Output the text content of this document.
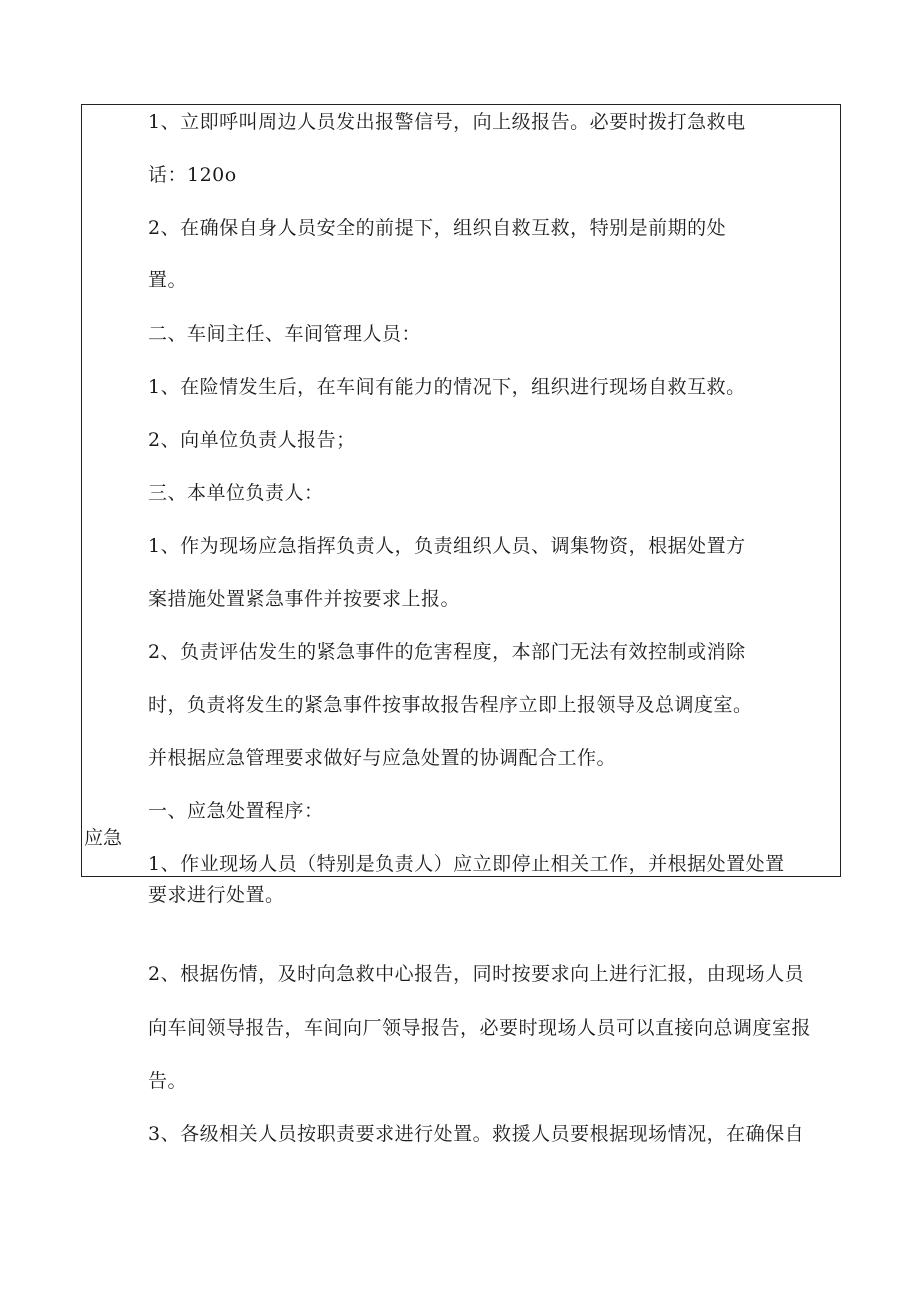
应急
1、立即呼叫周边人员发出报警信号，向上级报告。必要时拨打急救电
话：120o
2、在确保自身人员安全的前提下，组织自救互救，特别是前期的处
置。
二、车间主任、车间管理人员：
1、在险情发生后，在车间有能力的情况下，组织进行现场自救互救。
2、向单位负责人报告；
三、本单位负责人：
1、作为现场应急指挥负责人，负责组织人员、调集物资，根据处置方
案措施处置紧急事件并按要求上报。
2、负责评估发生的紧急事件的危害程度，本部门无法有效控制或消除
时，负责将发生的紧急事件按事故报告程序立即上报领导及总调度室。
并根据应急管理要求做好与应急处置的协调配合工作。
一、应急处置程序：
1、作业现场人员（特别是负责人）应立即停止相关工作，并根据处置处置
要求进行处置。
2、根据伤情，及时向急救中心报告，同时按要求向上进行汇报，由现场人员
向车间领导报告，车间向厂领导报告，必要时现场人员可以直接向总调度室报
告。
3、各级相关人员按职责要求进行处置。救援人员要根据现场情况，在确保自
